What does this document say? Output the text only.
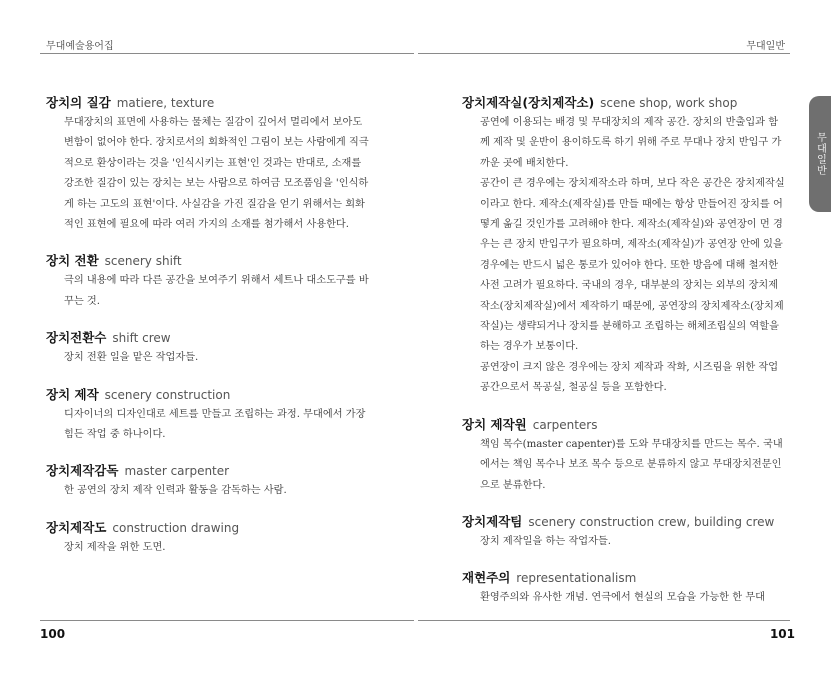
무대예술용어집	무대일반
무대일반
장치의 질감 matiere, texture

무대장치의 표면에 사용하는 물체는 질감이 깊어서 멀리에서 보아도 변함이 없어야 한다. 장치로서의 회화적인 그림이 보는 사람에게 직극적으로 환상이라는 것을 '인식시키는 표현'인 것과는 반대로, 소재를 강조한 질감이 있는 장치는 보는 사람으로 하여금 모조품임을 '인식하게 하는 고도의 표현'이다. 사실감을 가진 질감을 얻기 위해서는 회화적인 표현에 필요에 따라 여러 가지의 소재를 첨가해서 사용한다.

장치 전환 scenery shift

극의 내용에 따라 다른 공간을 보여주기 위해서 세트나 대소도구를 바꾸는 것.

장치전환수 shift crew

장치 전환 일을 맡은 작업자들.

장치 제작 scenery construction

디자이너의 디자인대로 세트를 만들고 조립하는 과정. 무대에서 가장 힘든 작업 중 하나이다.

장치제작감독 master carpenter

한 공연의 장치 제작 인력과 활동을 감독하는 사람.

장치제작도 construction drawing

장치 제작을 위한 도면.

장치제작실(장치제작소) scene shop, work shop

공연에 이용되는 배경 및 무대장치의 제작 공간. 장치의 반출입과 함께 제작 및 운반이 용이하도록 하기 위해 주로 무대나 장치 반입구 가까운 곳에 배치한다.

공간이 큰 경우에는 장치제작소라 하며, 보다 작은 공간은 장치제작실이라고 한다. 제작소(제작실)를 만들 때에는 항상 만들어진 장치를 어떻게 옮길 것인가를 고려해야 한다. 제작소(제작실)와 공연장이 먼 경우는 큰 장치 반입구가 필요하며, 제작소(제작실)가 공연장 안에 있을 경우에는 반드시 넓은 통로가 있어야 한다. 또한 방음에 대해 철저한 사전 고려가 필요하다. 국내의 경우, 대부분의 장치는 외부의 장치제작소(장치제작실)에서 제작하기 때문에, 공연장의 장치제작소(장치제작실)는 생략되거나 장치를 분해하고 조립하는 해체조립실의 역할을 하는 경우가 보통이다.

공연장이 크지 않은 경우에는 장치 제작과 작화, 시즈림을 위한 작업공간으로서 목공실, 철공실 등을 포함한다.

장치 제작원 carpenters

책임 목수(master capenter)를 도와 무대장치를 만드는 목수. 국내에서는 책임 목수나 보조 목수 등으로 분류하지 않고 무대장치전문인으로 분류한다.

장치제작팀 scenery construction crew, building crew

장치 제작일을 하는 작업자들.

재현주의 representationalism

환영주의와 유사한 개념. 연극에서 현실의 모습을 가능한 한 무대

100	101
